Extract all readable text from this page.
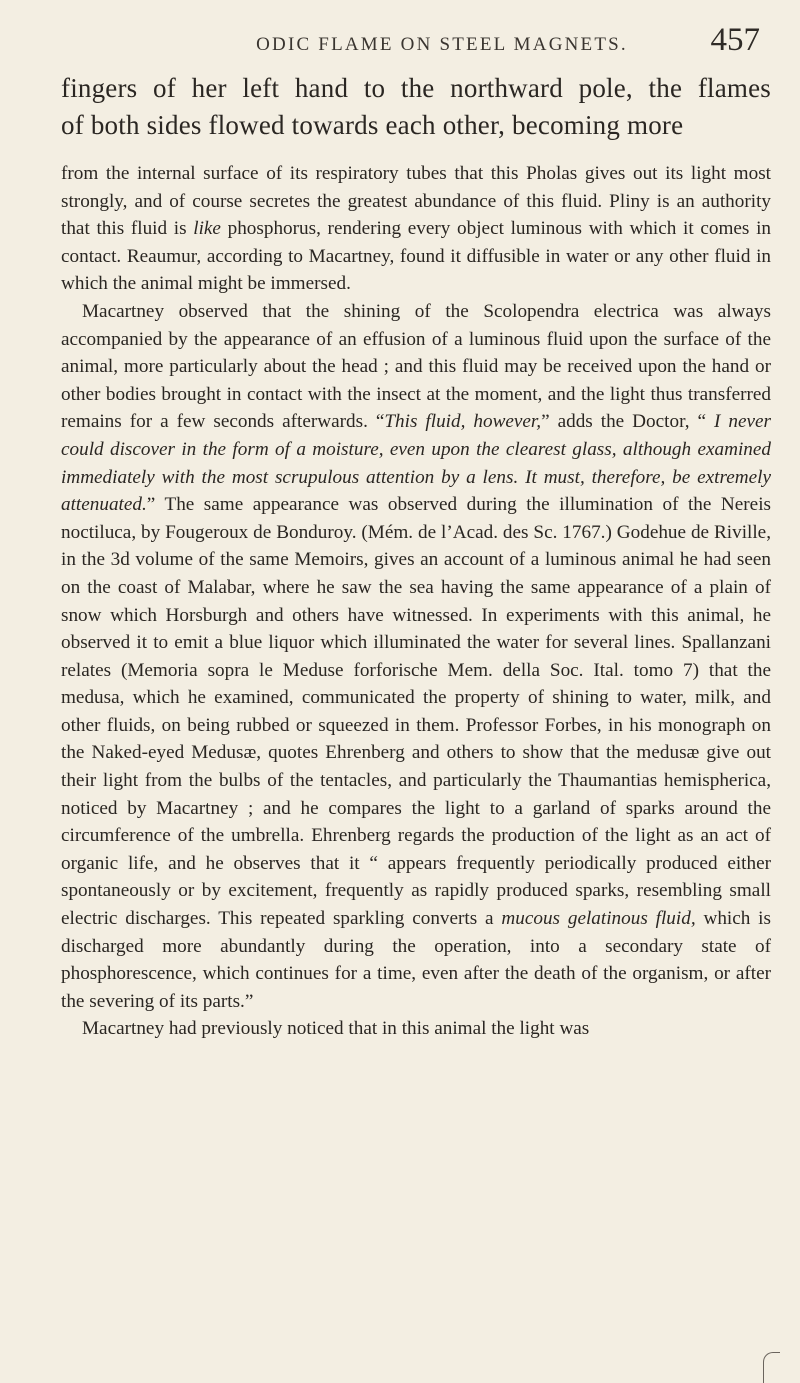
ODIC FLAME ON STEEL MAGNETS.	457

fingers of her left hand to the northward pole, the flames
of both sides flowed towards each other, becoming more

from the internal surface of its respiratory tubes that this Pholas gives out its light most strongly, and of course secretes the greatest abundance of this fluid. Pliny is an authority that this fluid is like phosphorus, rendering every object luminous with which it comes in contact. Reaumur, according to Macartney, found it diffusible in water or any other fluid in which the animal might be immersed.

Macartney observed that the shining of the Scolopendra electrica was always accompanied by the appearance of an effusion of a luminous fluid upon the surface of the animal, more particularly about the head ; and this fluid may be received upon the hand or other bodies brought in contact with the insect at the moment, and the light thus transferred remains for a few seconds afterwards. “This fluid, however,” adds the Doctor, “ I never could discover in the form of a moisture, even upon the clearest glass, although examined immediately with the most scrupulous attention by a lens. It must, therefore, be extremely attenuated.” The same appearance was observed during the illumination of the Nereis noctiluca, by Fougeroux de Bonduroy. (Mém. de l’Acad. des Sc. 1767.) Godehue de Riville, in the 3d volume of the same Memoirs, gives an account of a luminous animal he had seen on the coast of Malabar, where he saw the sea having the same appearance of a plain of snow which Horsburgh and others have witnessed. In experiments with this animal, he observed it to emit a blue liquor which illuminated the water for several lines. Spallanzani relates (Memoria sopra le Meduse forforische Mem. della Soc. Ital. tomo 7) that the medusa, which he examined, communicated the property of shining to water, milk, and other fluids, on being rubbed or squeezed in them. Professor Forbes, in his monograph on the Naked-eyed Medusæ, quotes Ehrenberg and others to show that the medusæ give out their light from the bulbs of the tentacles, and particularly the Thaumantias hemispherica, noticed by Macartney ; and he compares the light to a garland of sparks around the circumference of the umbrella. Ehrenberg regards the production of the light as an act of organic life, and he observes that it “ appears frequently periodically produced either spontaneously or by excitement, frequently as rapidly produced sparks, resembling small electric discharges. This repeated sparkling converts a mucous gelatinous fluid, which is discharged more abundantly during the operation, into a secondary state of phosphorescence, which continues for a time, even after the death of the organism, or after the severing of its parts.”

Macartney had previously noticed that in this animal the light was
